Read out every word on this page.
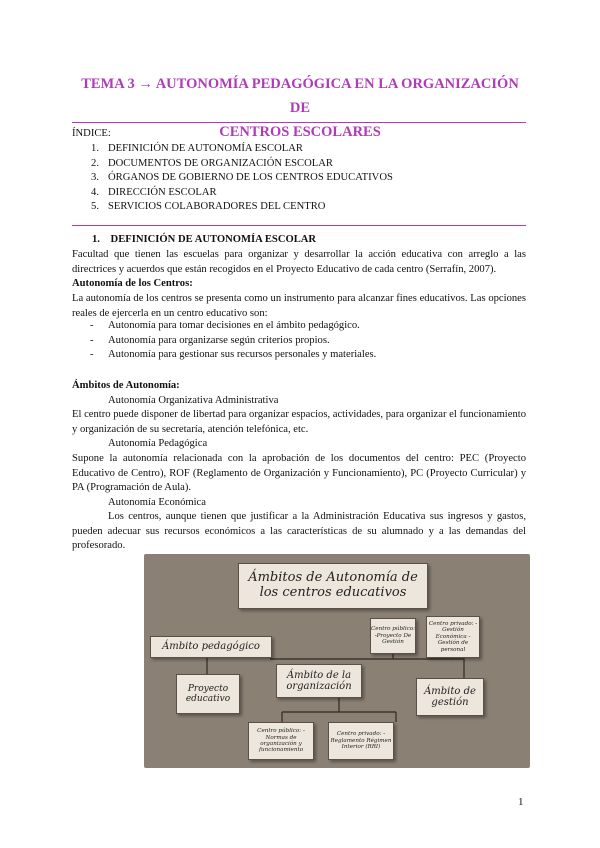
TEMA 3 → AUTONOMÍA PEDAGÓGICA EN LA ORGANIZACIÓN DE
CENTROS ESCOLARES

ÍNDICE:

1. DEFINICIÓN DE AUTONOMÍA ESCOLAR
2. DOCUMENTOS DE ORGANIZACIÓN ESCOLAR
3. ÓRGANOS DE GOBIERNO DE LOS CENTROS EDUCATIVOS
4. DIRECCIÓN ESCOLAR
5. SERVICIOS COLABORADORES DEL CENTRO

1. DEFINICIÓN DE AUTONOMÍA ESCOLAR

Facultad que tienen las escuelas para organizar y desarrollar la acción educativa con arreglo a las directrices y acuerdos que están recogidos en el Proyecto Educativo de cada centro (Serrafín, 2007).

Autonomía de los Centros:

La autonomía de los centros se presenta como un instrumento para alcanzar fines educativos. Las opciones reales de ejercerla en un centro educativo son:

-	Autonomía para tomar decisiones en el ámbito pedagógico.
-	Autonomía para organizarse según criterios propios.
-	Autonomía para gestionar sus recursos personales y materiales.

Ámbitos de Autonomía:

Autonomía Organizativa Administrativa

El centro puede disponer de libertad para organizar espacios, actividades, para organizar el funcionamiento y organización de su secretaría, atención telefónica, etc.

Autonomía Pedagógica

Supone la autonomía relacionada con la aprobación de los documentos del centro: PEC (Proyecto Educativo de Centro), ROF (Reglamento de Organización y Funcionamiento), PC (Proyecto Curricular) y PA (Programación de Aula).

Autonomía Económica

Los centros, aunque tienen que justificar a la Administración Educativa sus ingresos y gastos, pueden adecuar sus recursos económicos a las características de su alumnado y a las demandas del profesorado.

Ámbitos de Autonomía de los centros educativos
Ámbito pedagógico
Proyecto educativo
Ámbito de la organización
Centro público: -Normas de organización y funcionamiento
Centro privado: - Reglamento Régimen Interior (RRI)
Centro público: -Proyecto De Gestión
Centro privado: - Gestión Económica - Gestión de personal
Ámbito de gestión
1
